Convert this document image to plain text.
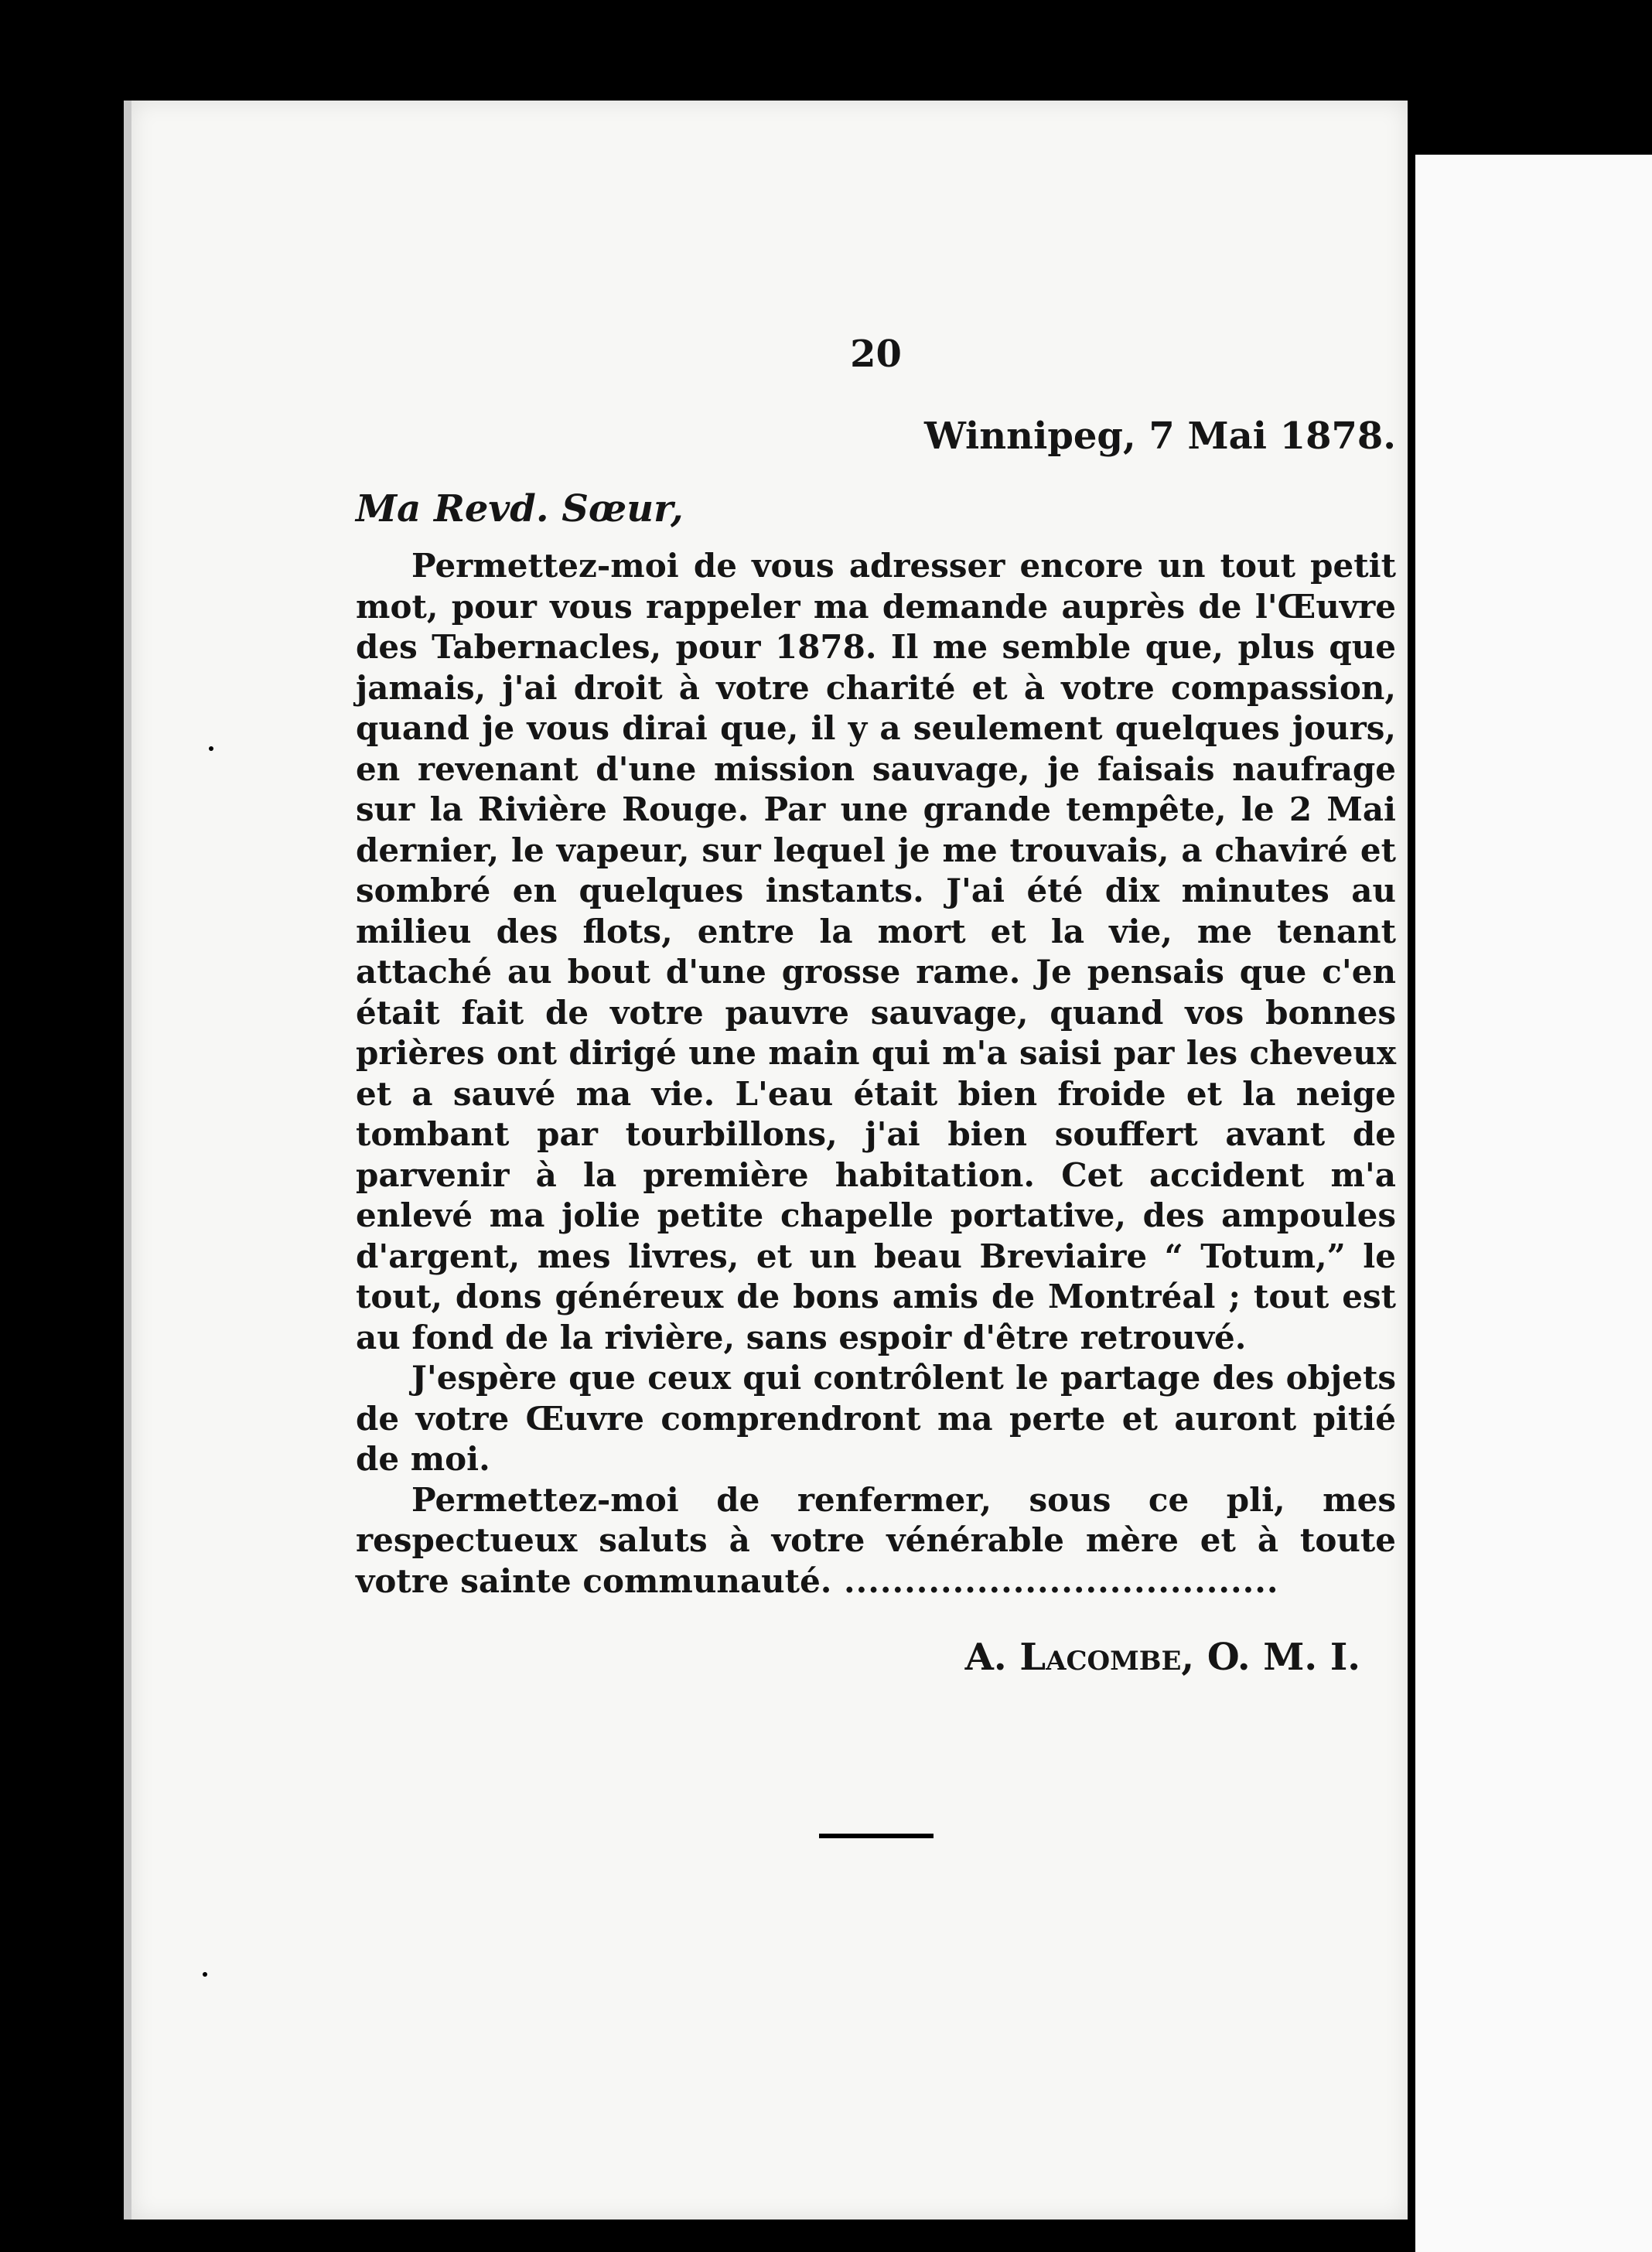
20
Winnipeg, 7 Mai 1878.
Ma Revd. Sœur,

Permettez-moi de vous adresser encore un tout petit mot, pour vous rappeler ma demande auprès de l'Œuvre des Tabernacles, pour 1878. Il me semble que, plus que jamais, j'ai droit à votre charité et à votre compassion, quand je vous dirai que, il y a seulement quelques jours, en revenant d'une mission sauvage, je faisais naufrage sur la Rivière Rouge. Par une grande tempête, le 2 Mai dernier, le vapeur, sur lequel je me trouvais, a chaviré et sombré en quelques instants. J'ai été dix minutes au milieu des flots, entre la mort et la vie, me tenant attaché au bout d'une grosse rame. Je pensais que c'en était fait de votre pauvre sauvage, quand vos bonnes prières ont dirigé une main qui m'a saisi par les cheveux et a sauvé ma vie. L'eau était bien froide et la neige tombant par tourbillons, j'ai bien souffert avant de parvenir à la première habitation. Cet accident m'a enlevé ma jolie petite chapelle portative, des ampoules d'argent, mes livres, et un beau Breviaire “ Totum,” le tout, dons généreux de bons amis de Montréal ; tout est au fond de la rivière, sans espoir d'être retrouvé.

J'espère que ceux qui contrôlent le partage des objets de votre Œuvre comprendront ma perte et auront pitié de moi.

Permettez-moi de renfermer, sous ce pli, mes respectueux saluts à votre vénérable mère et à toute votre sainte communauté. .....

A. Lacombe, O. M. I.
